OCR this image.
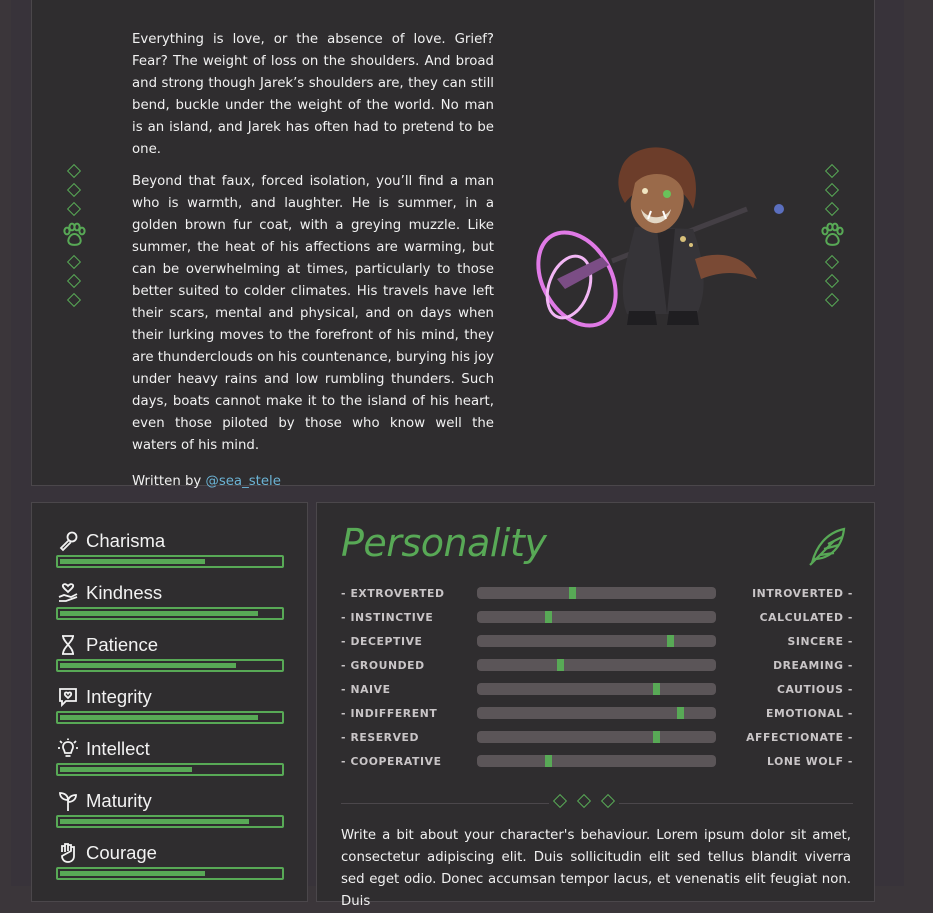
Everything is love, or the absence of love. Grief? Fear? The weight of loss on the shoulders. And broad and strong though Jarek’s shoulders are, they can still bend, buckle under the weight of the world. No man is an island, and Jarek has often had to pretend to be one.

Beyond that faux, forced isolation, you’ll find a man who is warmth, and laughter. He is summer, in a golden brown fur coat, with a greying muzzle. Like summer, the heat of his affections are warming, but can be overwhelming at times, particularly to those better suited to colder climates. His travels have left their scars, mental and physical, and on days when their lurking moves to the forefront of his mind, they are thunderclouds on his countenance, burying his joy under heavy rains and low rumbling thunders. Such days, boats cannot make it to the island of his heart, even those piloted by those who know well the waters of his mind.

Written by @sea_stele
Charisma
Kindness
Patience
Integrity
Intellect
Maturity
Courage
Personality
- EXTROVERTED	INTROVERTED -
- INSTINCTIVE	CALCULATED -
- DECEPTIVE	SINCERE -
- GROUNDED	DREAMING -
- NAIVE	CAUTIOUS -
- INDIFFERENT	EMOTIONAL -
- RESERVED	AFFECTIONATE -
- COOPERATIVE	LONE WOLF -

Write a bit about your character's behaviour. Lorem ipsum dolor sit amet, consectetur adipiscing elit. Duis sollicitudin elit sed tellus blandit viverra sed eget odio. Donec accumsan tempor lacus, et venenatis elit feugiat non. Duis
